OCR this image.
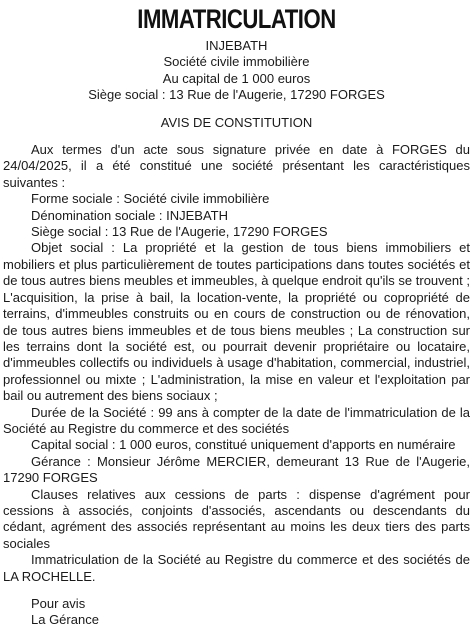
IMMATRICULATION
INJEBATH
Société civile immobilière
Au capital de 1 000 euros
Siège social : 13 Rue de l'Augerie, 17290 FORGES
AVIS DE CONSTITUTION

Aux termes d'un acte sous signature privée en date à FORGES du 24/04/2025, il a été constitué une société présentant les caractéristiques suivantes :

Forme sociale : Société civile immobilière
Dénomination sociale : INJEBATH
Siège social : 13 Rue de l'Augerie, 17290 FORGES

Objet social : La propriété et la gestion de tous biens immobiliers et mobiliers et plus particulièrement de toutes participations dans toutes sociétés et de tous autres biens meubles et immeubles, à quelque endroit qu'ils se trouvent ; L'acquisition, la prise à bail, la location-vente, la propriété ou copropriété de terrains, d'immeubles construits ou en cours de construction ou de rénovation, de tous autres biens immeubles et de tous biens meubles ; La construction sur les terrains dont la société est, ou pourrait devenir propriétaire ou locataire, d'immeubles collectifs ou individuels à usage d'habitation, commercial, industriel, professionnel ou mixte ; L'administration, la mise en valeur et l'exploitation par bail ou autrement des biens sociaux ;

Durée de la Société : 99 ans à compter de la date de l'immatriculation de la Société au Registre du commerce et des sociétés

Capital social : 1 000 euros, constitué uniquement d'apports en numéraire

Gérance : Monsieur Jérôme MERCIER, demeurant 13 Rue de l'Augerie, 17290 FORGES

Clauses relatives aux cessions de parts : dispense d'agrément pour cessions à associés, conjoints d'associés, ascendants ou descendants du cédant, agrément des associés représentant au moins les deux tiers des parts sociales

Immatriculation de la Société au Registre du commerce et des sociétés de LA ROCHELLE.

Pour avis
La Gérance
